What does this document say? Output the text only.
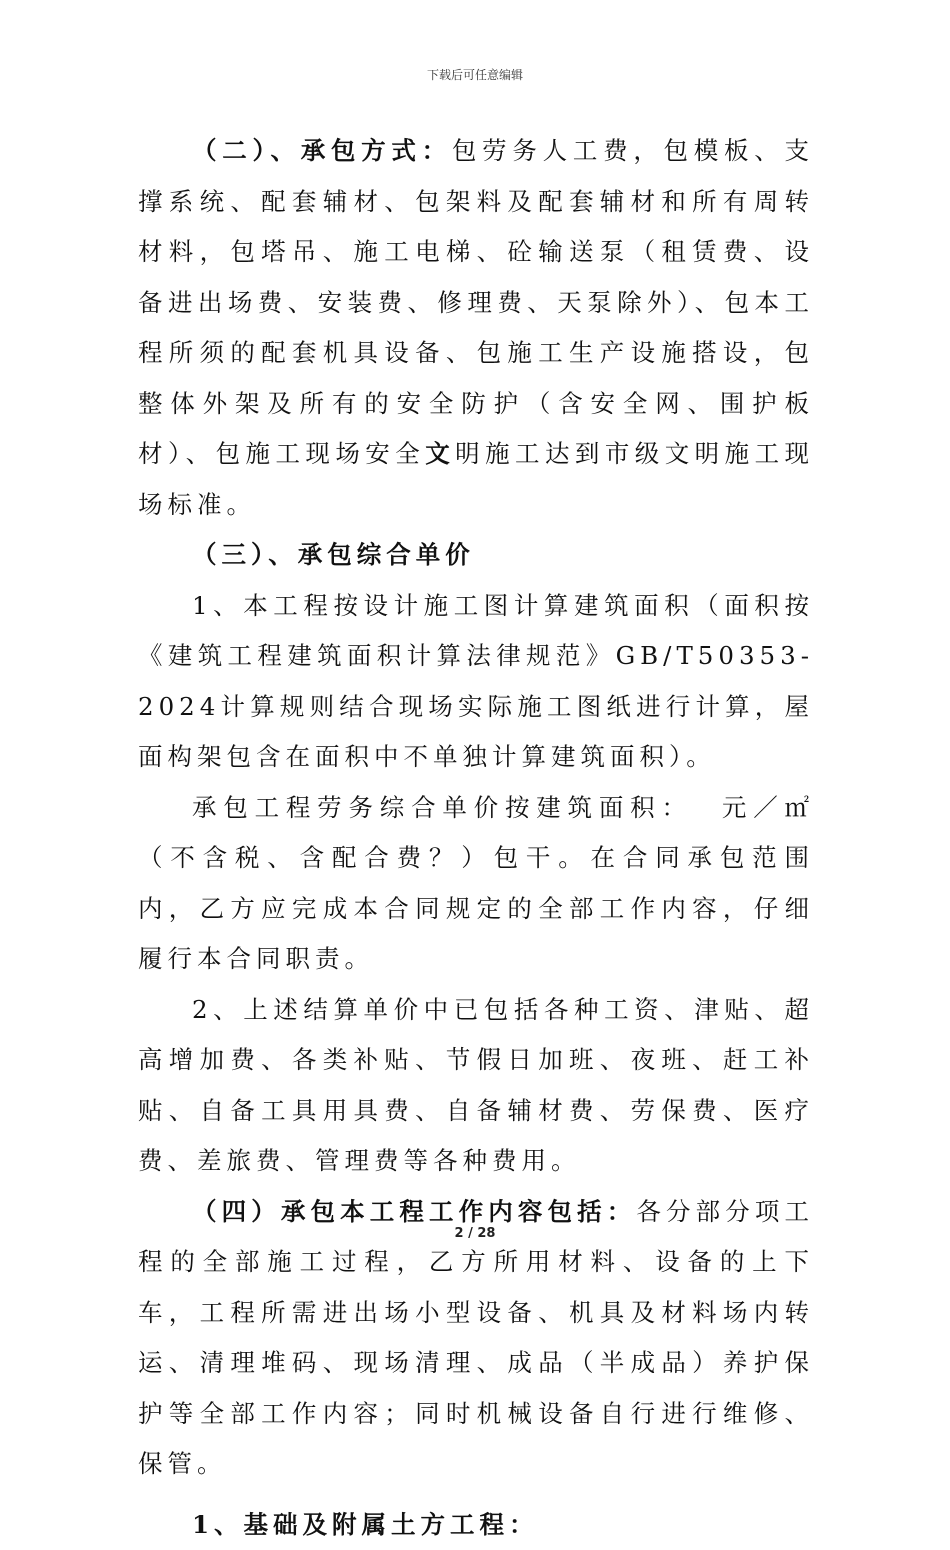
下载后可任意编辑

（二）、承包方式：包劳务人工费，包模板、支撑系统、配套辅材、包架料及配套辅材和所有周转材料，包塔吊、施工电梯、砼输送泵（租赁费、设备进出场费、安装费、修理费、天泵除外）、包本工程所须的配套机具设备、包施工生产设施搭设，包整体外架及所有的安全防护（含安全网、围护板材）、包施工现场安全文明施工达到市级文明施工现场标准。

（三）、承包综合单价

1、本工程按设计施工图计算建筑面积（面积按《建筑工程建筑面积计算法律规范》GB/T50353-2024计算规则结合现场实际施工图纸进行计算，屋面构架包含在面积中不单独计算建筑面积）。

承包工程劳务综合单价按建筑面积：  元／㎡（不含税、含配合费？）包干。在合同承包范围内，乙方应完成本合同规定的全部工作内容，仔细履行本合同职责。

2、上述结算单价中已包括各种工资、津贴、超高增加费、各类补贴、节假日加班、夜班、赶工补贴、自备工具用具费、自备辅材费、劳保费、医疗费、差旅费、管理费等各种费用。

（四）承包本工程工作内容包括：各分部分项工程的全部施工过程，乙方所用材料、设备的上下车，工程所需进出场小型设备、机具及材料场内转运、清理堆码、现场清理、成品（半成品）养护保护等全部工作内容；同时机械设备自行进行维修、保管。

1、基础及附属土方工程：

2 / 28
